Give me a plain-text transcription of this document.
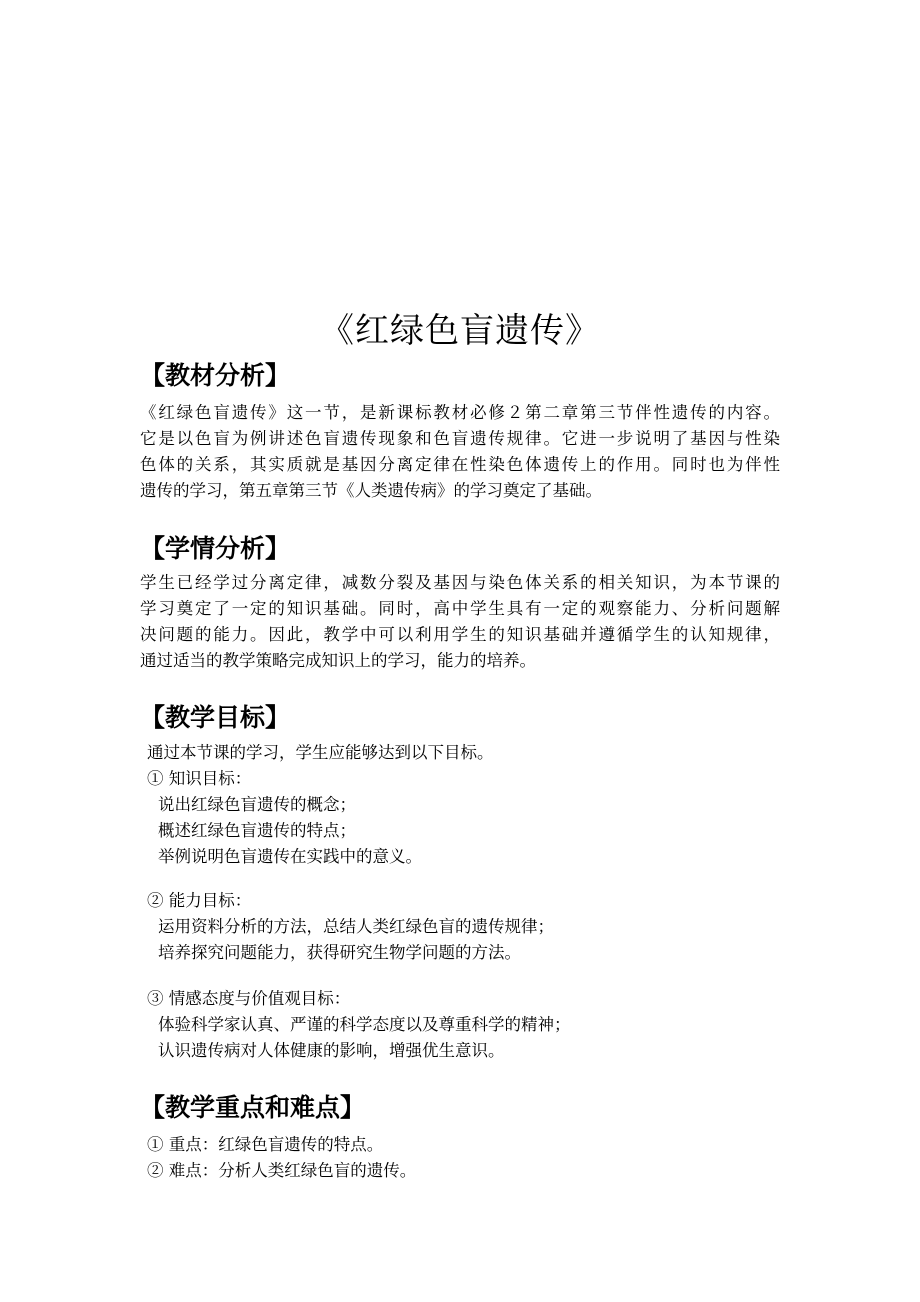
《红绿色盲遗传》
【教材分析】
《红绿色盲遗传》这一节，是新课标教材必修２第二章第三节伴性遗传的内容。
它是以色盲为例讲述色盲遗传现象和色盲遗传规律。它进一步说明了基因与性染
色体的关系，其实质就是基因分离定律在性染色体遗传上的作用。同时也为伴性
遗传的学习，第五章第三节《人类遗传病》的学习奠定了基础。
【学情分析】
学生已经学过分离定律，减数分裂及基因与染色体关系的相关知识，为本节课的
学习奠定了一定的知识基础。同时，高中学生具有一定的观察能力、分析问题解
决问题的能力。因此，教学中可以利用学生的知识基础并遵循学生的认知规律，
通过适当的教学策略完成知识上的学习，能力的培养。
【教学目标】
通过本节课的学习，学生应能够达到以下目标。
① 知识目标：
说出红绿色盲遗传的概念；
概述红绿色盲遗传的特点；
举例说明色盲遗传在实践中的意义。
② 能力目标：
运用资料分析的方法，总结人类红绿色盲的遗传规律；
培养探究问题能力，获得研究生物学问题的方法。
③ 情感态度与价值观目标：
体验科学家认真、严谨的科学态度以及尊重科学的精神；
认识遗传病对人体健康的影响，增强优生意识。
【教学重点和难点】
① 重点：红绿色盲遗传的特点。
② 难点：分析人类红绿色盲的遗传。
